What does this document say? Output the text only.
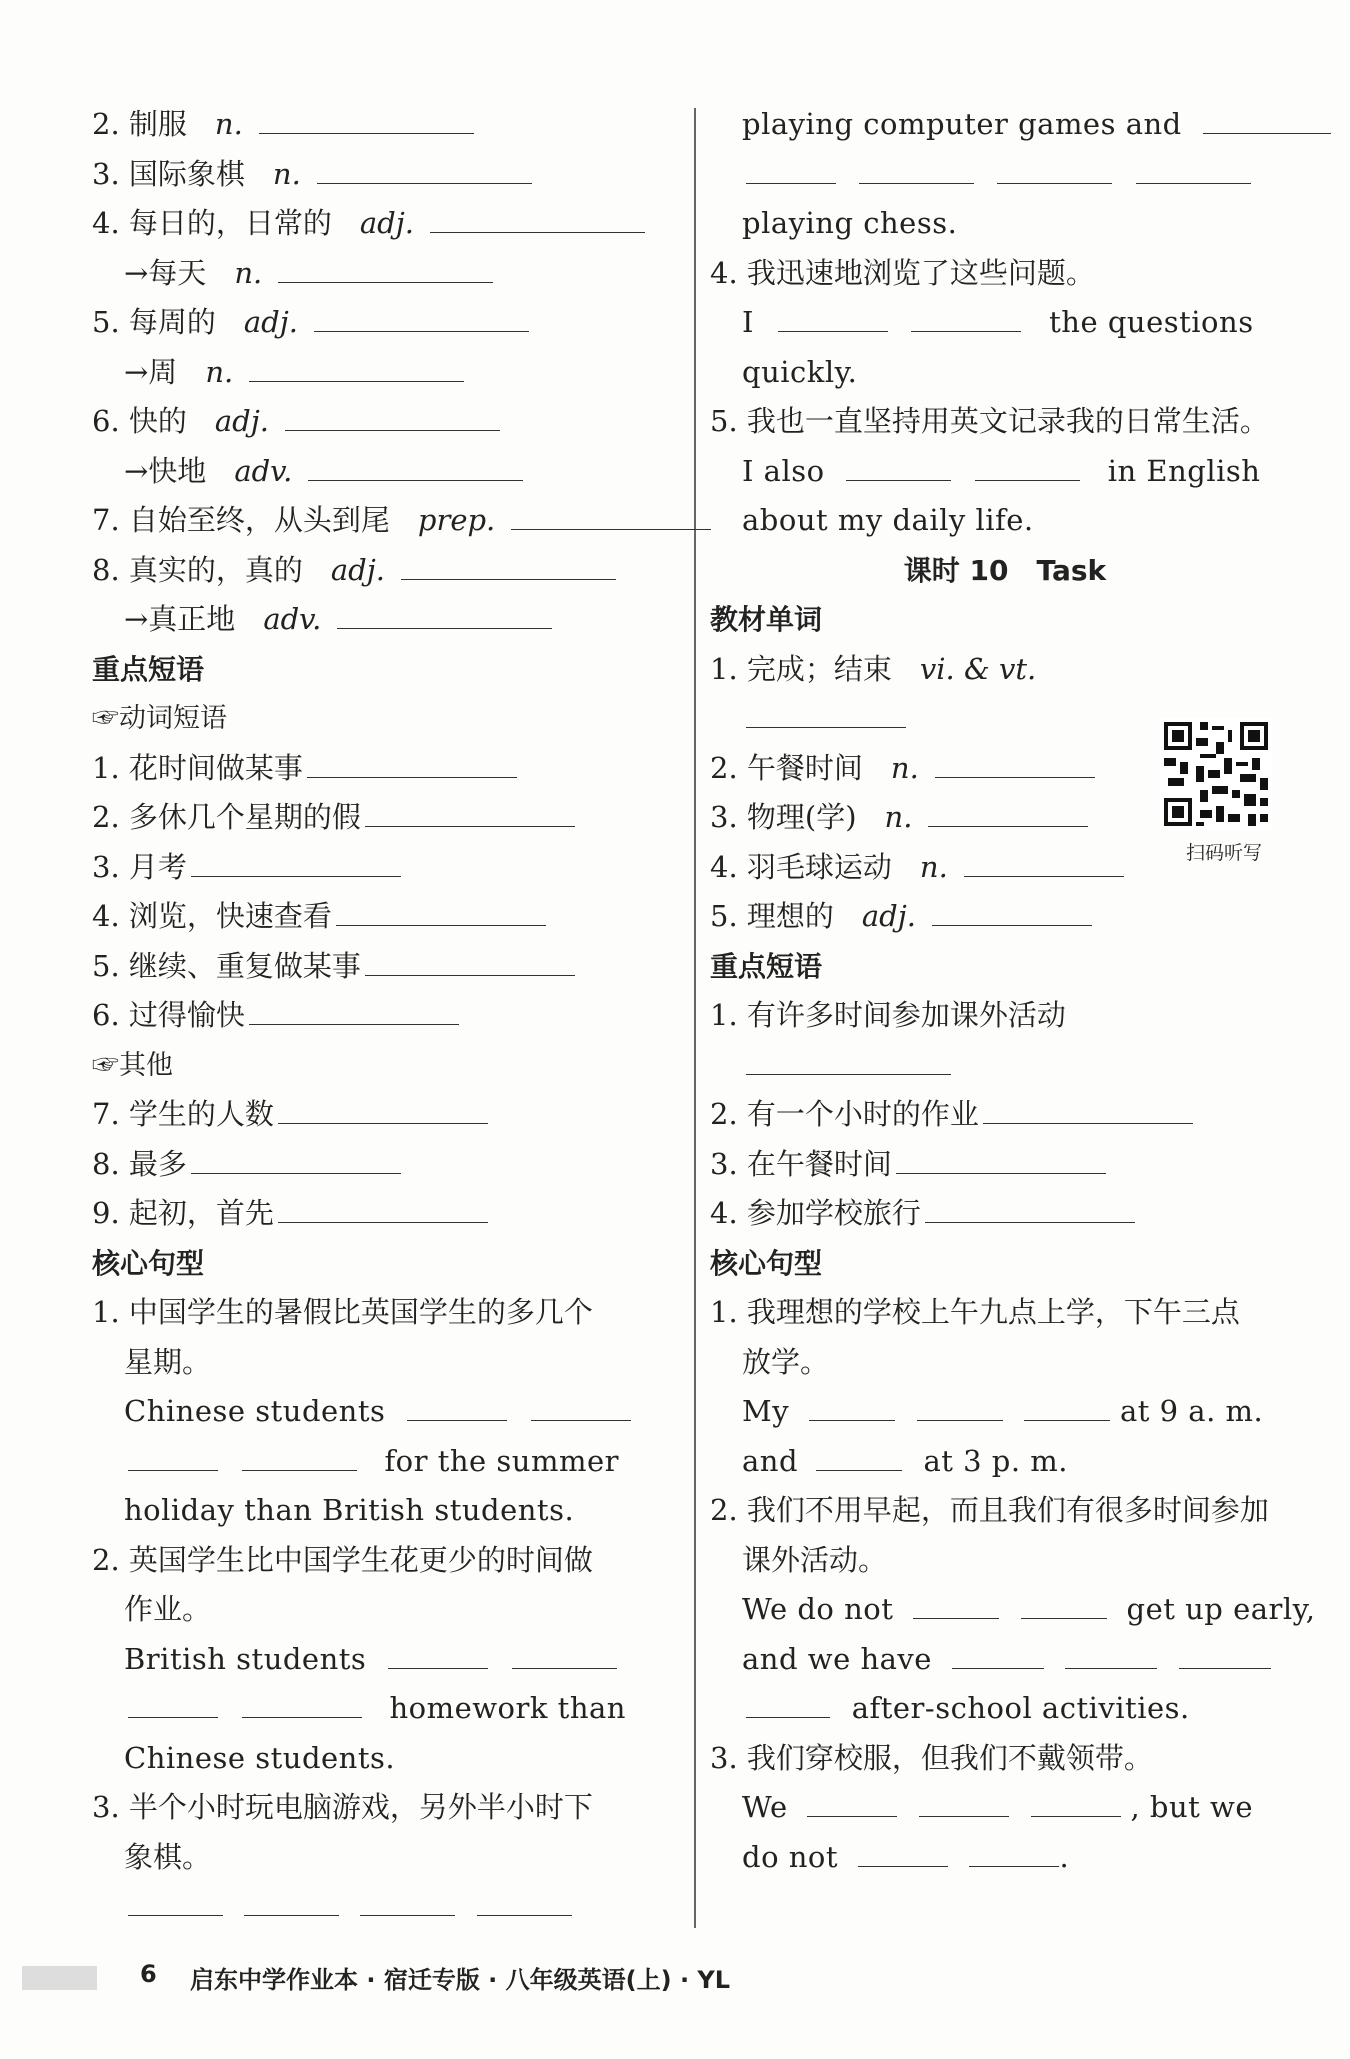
2. 制服 n.
3. 国际象棋 n.
4. 每日的，日常的 adj.
→每天 n.
5. 每周的 adj.
→周 n.
6. 快的 adj.
→快地 adv.
7. 自始至终，从头到尾 prep.
8. 真实的，真的 adj.
→真正地 adv.
重点短语
☞动词短语
1. 花时间做某事
2. 多休几个星期的假
3. 月考
4. 浏览，快速查看
5. 继续、重复做某事
6. 过得愉快
☞其他
7. 学生的人数
8. 最多
9. 起初，首先
核心句型
1. 中国学生的暑假比英国学生的多几个
星期。
Chinese students
for the summer
holiday than British students.
2. 英国学生比中国学生花更少的时间做
作业。
British students
homework than
Chinese students.
3. 半个小时玩电脑游戏，另外半小时下
象棋。

playing computer games and

playing chess.
4. 我迅速地浏览了这些问题。
I	the questions
quickly.
5. 我也一直坚持用英文记录我的日常生活。
I also	in English
about my daily life.
课时 10　Task
教材单词
1. 完成；结束 vi. & vt.
2. 午餐时间 n.
3. 物理(学) n.
4. 羽毛球运动 n.
5. 理想的 adj.
重点短语
1. 有许多时间参加课外活动
2. 有一个小时的作业
3. 在午餐时间
4. 参加学校旅行
核心句型
1. 我理想的学校上午九点上学，下午三点
放学。
My	at 9 a. m.
and	at 3 p. m.
2. 我们不用早起，而且我们有很多时间参加
课外活动。
We do not	get up early,
and we have
after-school activities.
3. 我们穿校服，但我们不戴领带。
We	, but we
do not	.
扫码听写
6 启东中学作业本 · 宿迁专版 · 八年级英语(上) · YL
